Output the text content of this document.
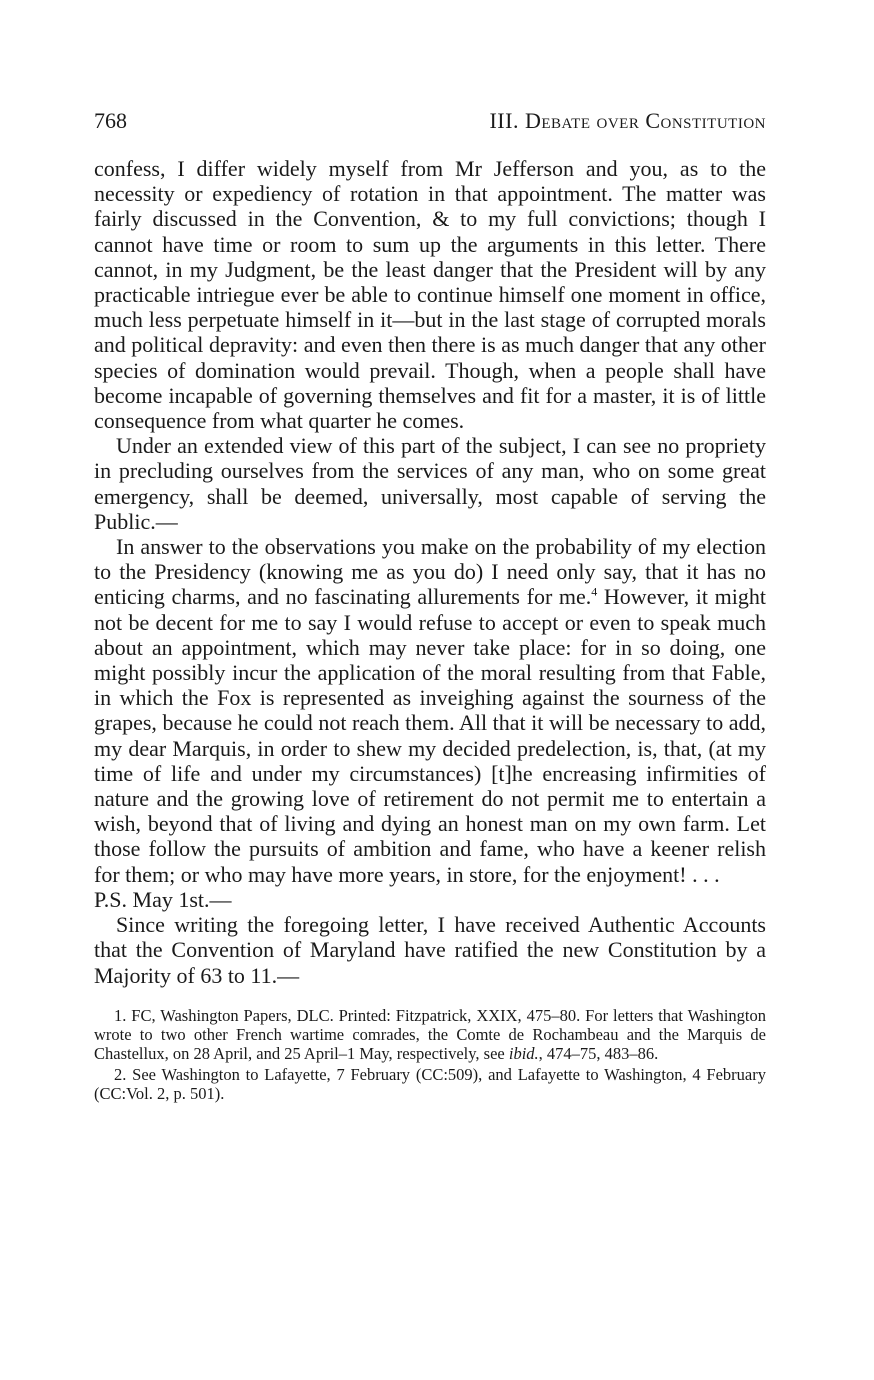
768	III. Debate over Constitution

confess, I differ widely myself from Mr Jefferson and you, as to the necessity or expediency of rotation in that appointment. The matter was fairly discussed in the Convention, & to my full convictions; though I cannot have time or room to sum up the arguments in this letter. There cannot, in my Judgment, be the least danger that the President will by any practicable intriegue ever be able to continue himself one moment in office, much less perpetuate himself in it—but in the last stage of corrupted morals and political depravity: and even then there is as much danger that any other species of domination would prevail. Though, when a people shall have become incapable of governing themselves and fit for a master, it is of little consequence from what quarter he comes.

Under an extended view of this part of the subject, I can see no propriety in precluding ourselves from the services of any man, who on some great emergency, shall be deemed, universally, most capable of serving the Public.—

In answer to the observations you make on the probability of my election to the Presidency (knowing me as you do) I need only say, that it has no enticing charms, and no fascinating allurements for me.$^4$ However, it might not be decent for me to say I would refuse to accept or even to speak much about an appointment, which may never take place: for in so doing, one might possibly incur the application of the moral resulting from that Fable, in which the Fox is represented as inveighing against the sourness of the grapes, because he could not reach them. All that it will be necessary to add, my dear Marquis, in order to shew my decided predelection, is, that, (at my time of life and under my circumstances) [t]he encreasing infirmities of nature and the growing love of retirement do not permit me to entertain a wish, beyond that of living and dying an honest man on my own farm. Let those follow the pursuits of ambition and fame, who have a keener relish for them; or who may have more years, in store, for the enjoyment! . . .

P.S. May 1st.—

Since writing the foregoing letter, I have received Authentic Accounts that the Convention of Maryland have ratified the new Constitution by a Majority of 63 to 11.—

1. FC, Washington Papers, DLC. Printed: Fitzpatrick, XXIX, 475–80. For letters that Washington wrote to two other French wartime comrades, the Comte de Rochambeau and the Marquis de Chastellux, on 28 April, and 25 April–1 May, respectively, see ibid., 474–75, 483–86.

2. See Washington to Lafayette, 7 February (CC:509), and Lafayette to Washington, 4 February (CC:Vol. 2, p. 501).
